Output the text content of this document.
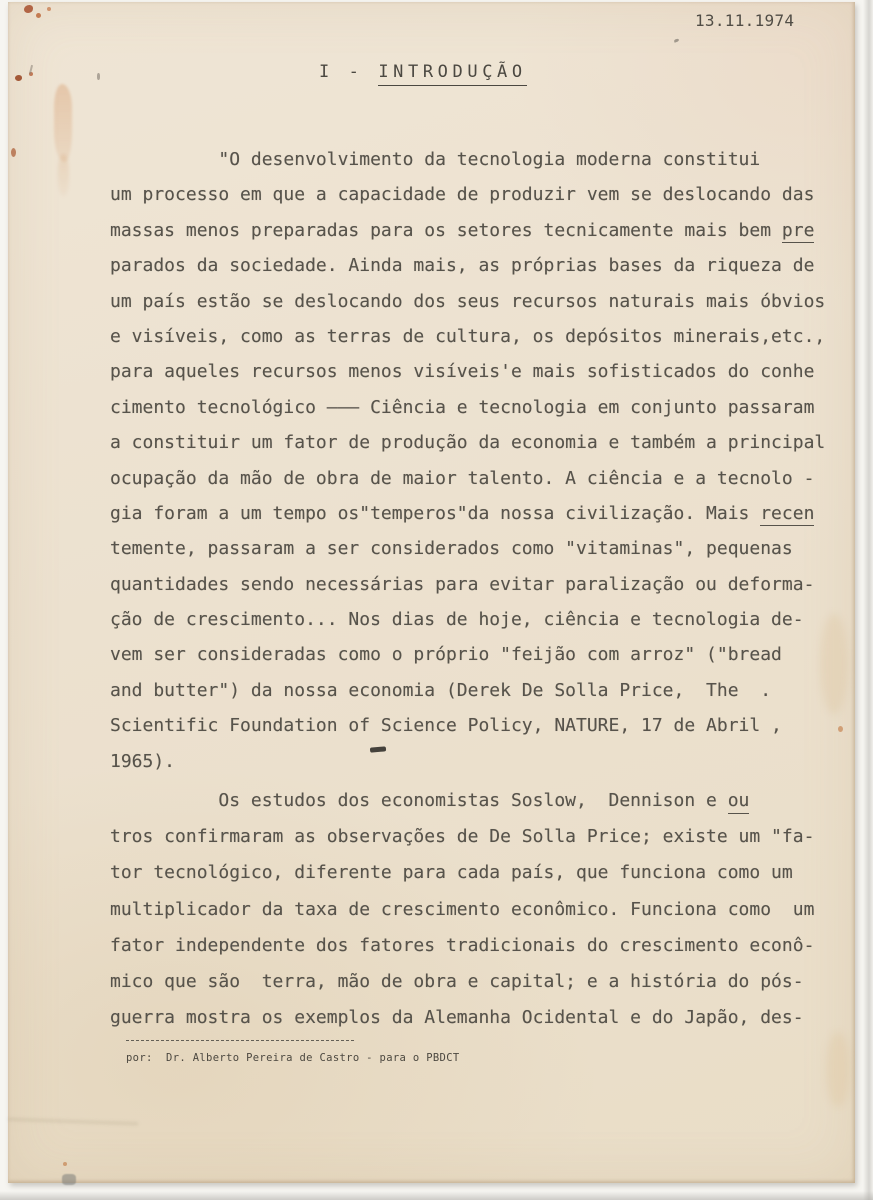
13.11.1974
I - INTRODUÇÃO
"O desenvolvimento da tecnologia moderna constitui
um processo em que a capacidade de produzir vem se deslocando das
massas menos preparadas para os setores tecnicamente mais bem pre
parados da sociedade. Ainda mais, as próprias bases da riqueza de
um país estão se deslocando dos seus recursos naturais mais óbvios
e visíveis, como as terras de cultura, os depósitos minerais,etc.,
para aqueles recursos menos visíveis'e mais sofisticados do conhe
cimento tecnológico ——— Ciência e tecnologia em conjunto passaram
a constituir um fator de produção da economia e também a principal
ocupação da mão de obra de maior talento. A ciência e a tecnolo -
gia foram a um tempo os"temperos"da nossa civilização. Mais recen
temente, passaram a ser considerados como "vitaminas", pequenas
quantidades sendo necessárias para evitar paralização ou deforma-
ção de crescimento... Nos dias de hoje, ciência e tecnologia de-
vem ser consideradas como o próprio "feijão com arroz" ("bread
and butter") da nossa economia (Derek De Solla Price,  The  .
Scientific Foundation of Science Policy, NATURE, 17 de Abril ,
1965).
Os estudos dos economistas Soslow,  Dennison e ou
tros confirmaram as observações de De Solla Price; existe um "fa-
tor tecnológico, diferente para cada país, que funciona como um
multiplicador da taxa de crescimento econômico. Funciona como  um
fator independente dos fatores tradicionais do crescimento econô-
mico que são  terra, mão de obra e capital; e a história do pós-
guerra mostra os exemplos da Alemanha Ocidental e do Japão, des-
por:  Dr. Alberto Pereira de Castro - para o PBDCT
